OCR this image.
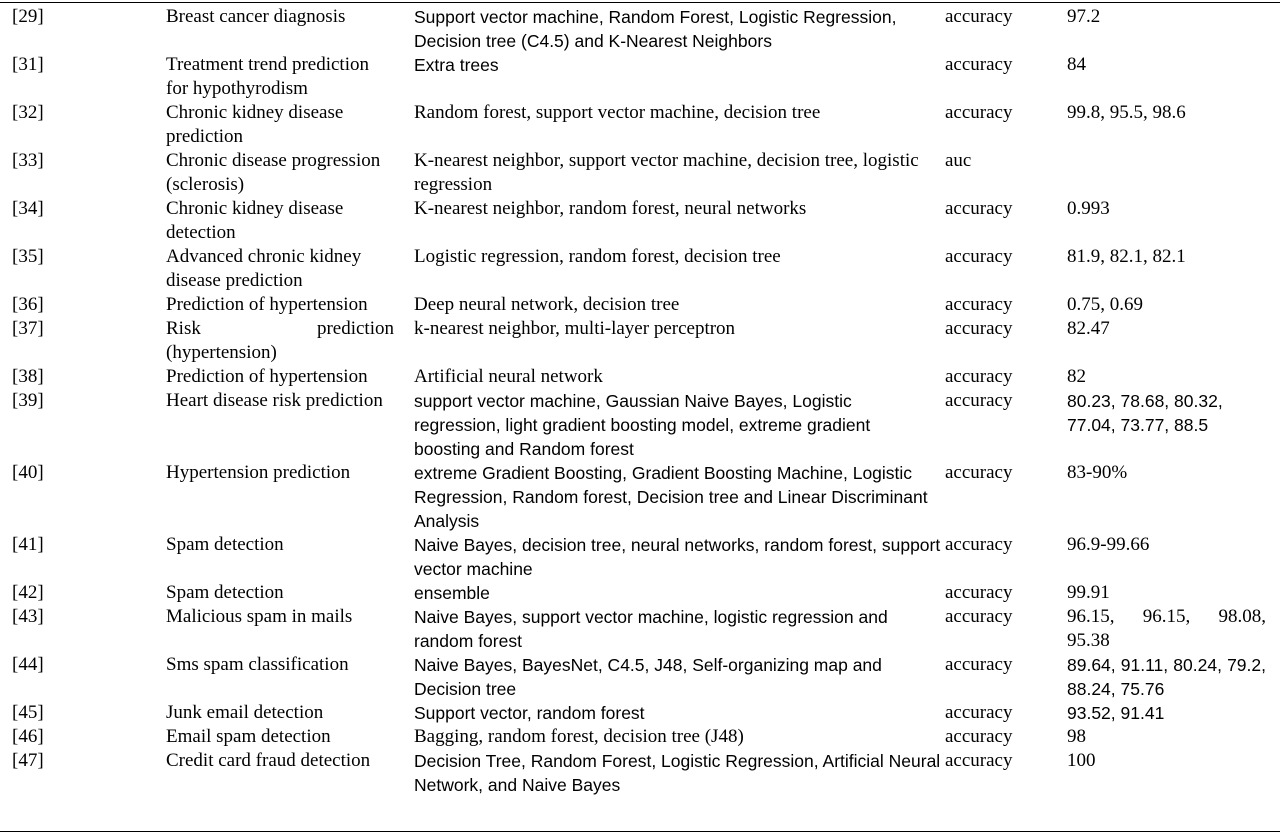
[29]	Breast cancer diagnosis	Support vector machine, Random Forest, Logistic Regression, Decision tree (C4.5) and K-Nearest Neighbors	accuracy	97.2
[31]	Treatment trend prediction for hypothyrodism	Extra trees	accuracy	84
[32]	Chronic kidney disease prediction	Random forest, support vector machine, decision tree	accuracy	99.8, 95.5, 98.6
[33]	Chronic disease progression (sclerosis)	K-nearest neighbor, support vector machine, decision tree, logistic regression	auc	
[34]	Chronic kidney disease detection	K-nearest neighbor, random forest, neural networks	accuracy	0.993
[35]	Advanced chronic kidney disease prediction	Logistic regression, random forest, decision tree	accuracy	81.9, 82.1, 82.1
[36]	Prediction of hypertension	Deep neural network, decision tree	accuracy	0.75, 0.69
[37]	Risk prediction (hypertension)	k-nearest neighbor, multi-layer perceptron	accuracy	82.47
[38]	Prediction of hypertension	Artificial neural network	accuracy	82
[39]	Heart disease risk prediction	support vector machine, Gaussian Naive Bayes, Logistic regression, light gradient boosting model, extreme gradient boosting and Random forest	accuracy	80.23, 78.68, 80.32, 77.04, 73.77, 88.5
[40]	Hypertension prediction	extreme Gradient Boosting, Gradient Boosting Machine, Logistic Regression, Random forest, Decision tree and Linear Discriminant Analysis	accuracy	83-90%
[41]	Spam detection	Naive Bayes, decision tree, neural networks, random forest, support vector machine	accuracy	96.9-99.66
[42]	Spam detection	ensemble	accuracy	99.91
[43]	Malicious spam in mails	Naive Bayes, support vector machine, logistic regression and random forest	accuracy	96.15, 96.15, 98.08, 95.38
[44]	Sms spam classification	Naive Bayes, BayesNet, C4.5, J48, Self-organizing map and Decision tree	accuracy	89.64, 91.11, 80.24, 79.2, 88.24, 75.76
[45]	Junk email detection	Support vector, random forest	accuracy	93.52, 91.41
[46]	Email spam detection	Bagging, random forest, decision tree (J48)	accuracy	98
[47]	Credit card fraud detection	Decision Tree, Random Forest, Logistic Regression, Artificial Neural Network, and Naive Bayes	accuracy	100
